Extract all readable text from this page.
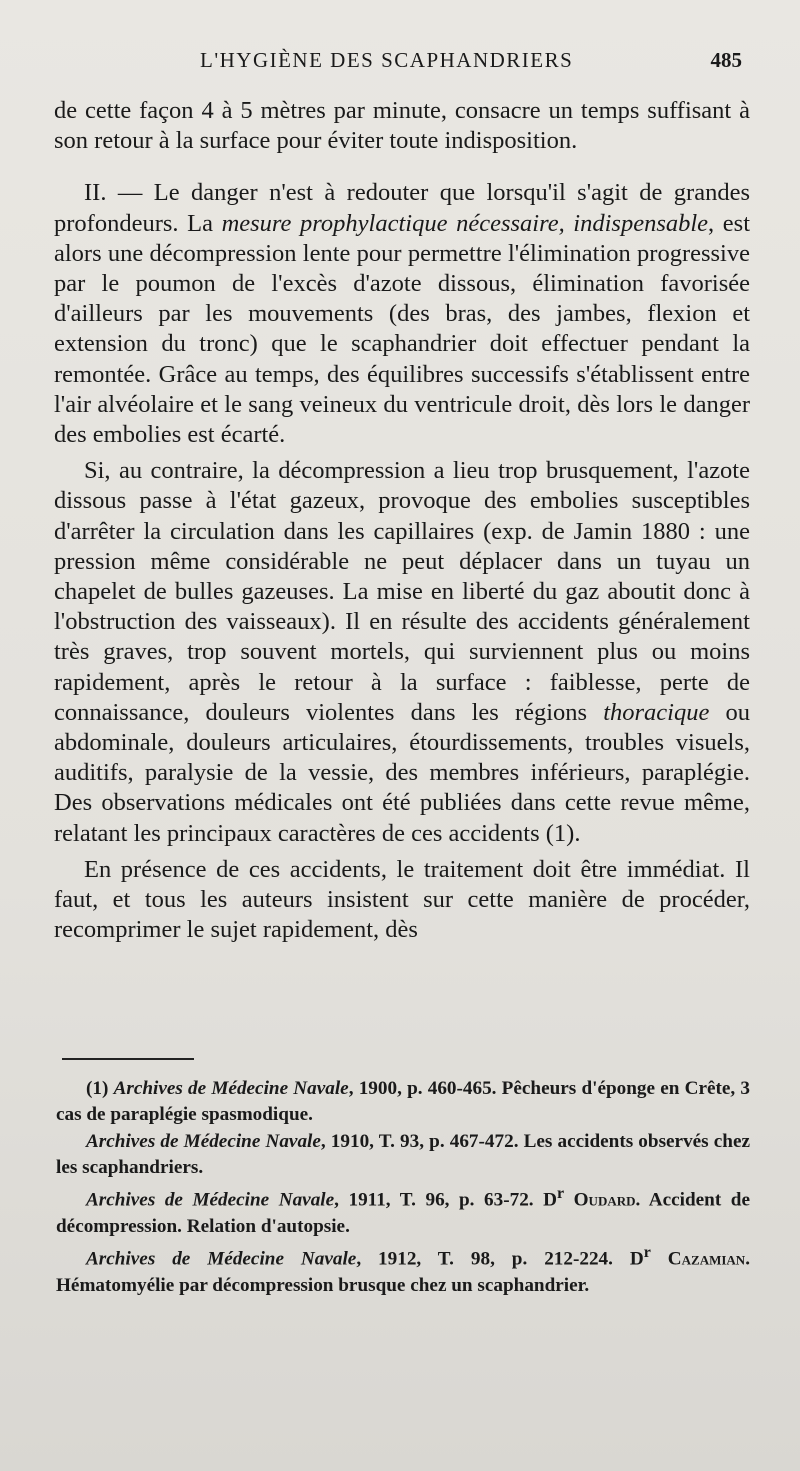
L'HYGIÈNE DES SCAPHANDRIERS	485

de cette façon 4 à 5 mètres par minute, consacre un temps suffisant à son retour à la surface pour éviter toute indisposition.

II. — Le danger n'est à redouter que lorsqu'il s'agit de grandes profondeurs. La mesure prophylactique nécessaire, indispensable, est alors une décompression lente pour permettre l'élimination progressive par le poumon de l'excès d'azote dissous, élimination favorisée d'ailleurs par les mouvements (des bras, des jambes, flexion et extension du tronc) que le scaphandrier doit effectuer pendant la remontée. Grâce au temps, des équilibres successifs s'établissent entre l'air alvéolaire et le sang veineux du ventricule droit, dès lors le danger des embolies est écarté.

Si, au contraire, la décompression a lieu trop brusquement, l'azote dissous passe à l'état gazeux, provoque des embolies susceptibles d'arrêter la circulation dans les capillaires (exp. de Jamin 1880 : une pression même considérable ne peut déplacer dans un tuyau un chapelet de bulles gazeuses. La mise en liberté du gaz aboutit donc à l'obstruction des vaisseaux). Il en résulte des accidents généralement très graves, trop souvent mortels, qui surviennent plus ou moins rapidement, après le retour à la surface : faiblesse, perte de connaissance, douleurs violentes dans les régions thoracique ou abdominale, douleurs articulaires, étourdissements, troubles visuels, auditifs, paralysie de la vessie, des membres inférieurs, paraplégie. Des observations médicales ont été publiées dans cette revue même, relatant les principaux caractères de ces accidents (1).

En présence de ces accidents, le traitement doit être immédiat. Il faut, et tous les auteurs insistent sur cette manière de procéder, recomprimer le sujet rapidement, dès

(1) Archives de Médecine Navale, 1900, p. 460-465. Pêcheurs d'éponge en Crête, 3 cas de paraplégie spasmodique.

Archives de Médecine Navale, 1910, T. 93, p. 467-472. Les accidents observés chez les scaphandriers.

Archives de Médecine Navale, 1911, T. 96, p. 63-72. $D^r$ Oudard. Accident de décompression. Relation d'autopsie.

Archives de Médecine Navale, 1912, T. 98, p. 212-224. $D^r$ Cazamian. Hématomyélie par décompression brusque chez un scaphandrier.
